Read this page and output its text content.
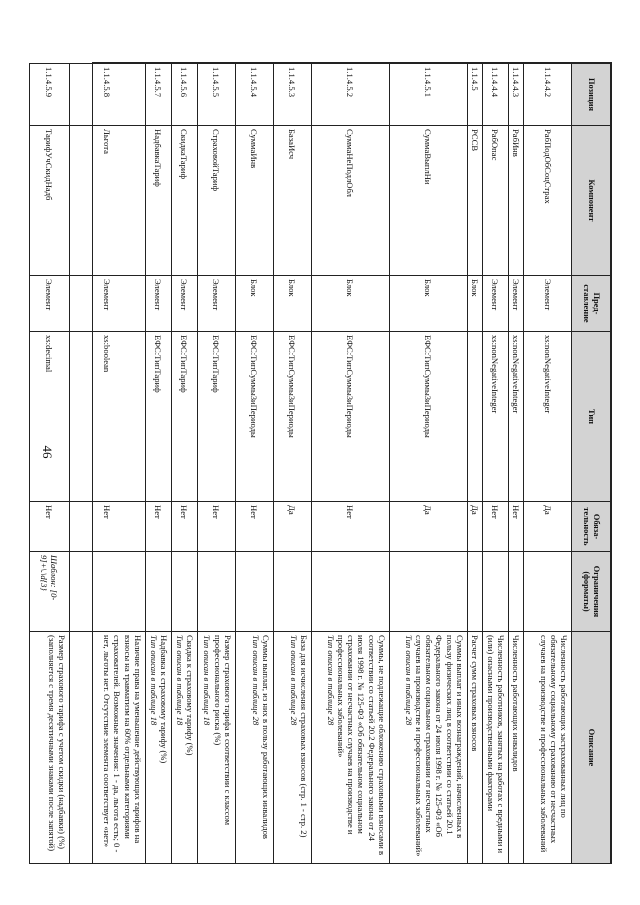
46
Позиция	Компонент	Пред-ставление	Тип	Обяза-тельность	Ограничения (форматы)	Описание
1.1.4.4.2	РабПодОбСоцСтрах	Элемент	xs:nonNegativeInteger	Да		Численность работающих застрахованных лиц по обязательному социальному страхованию от несчастных случаев на производстве и профессиональных заболеваний
1.1.4.4.3	РабИнв	Элемент	xs:nonNegativeInteger	Нет		Численность работающих инвалидов
1.1.4.4.4	РабОпас	Элемент	xs:nonNegativeInteger	Нет		Численность работников, занятых на работах с вредными и (или) опасными производственными факторами
1.1.4.5	РССВ	Блок		Да		Расчет сумм страховых взносов
1.1.4.5.1	СуммаВыплНи	Блок	ЕФС:ТипСуммы3иПериоды	Да		Суммы выплат и иных вознаграждений, начисленных в пользу физических лиц в соответствии со статьей 20.1 Федерального закона от 24 июля 1998 г. № 125-ФЗ «Об обязательном социальном страховании от несчастных случаев на производстве и профессиональных заболеваний»
Тип описан в таблице 28
1.1.4.5.2	СуммаНеПодлОбл	Блок	ЕФС:ТипСуммы3иПериоды	Нет		Суммы, не подлежащие обложению страховыми взносами в соответствии со статьей 20.2 Федерального закона от 24 июля 1998 г. № 125-ФЗ «Об обязательном социальном страховании от несчастных случаев на производстве и профессиональных заболеваний»
Тип описан в таблице 28
1.1.4.5.3	БазаИсч	Блок	ЕФС:ТипСуммы3иПериоды	Да		База для исчисления страховых взносов (стр. 1 - стр. 2)
Тип описан в таблице 28
1.1.4.5.4	СуммаИнв	Блок	ЕФС:ТипСуммы3иПериоды	Нет		Суммы выплат, из них в пользу работающих инвалидов
Тип описан в таблице 28
1.1.4.5.5	СтраховойТариф	Элемент	ЕФС:ТипТариф	Нет		Размер страхового тарифа в соответствии с классом профессионального риска (%)
Тип описан в таблице 18
1.1.4.5.6	СкидкаТариф	Элемент	ЕФС:ТипТариф	Нет		Скидка к страховому тарифу (%)
Тип описан в таблице 18
1.1.4.5.7	НадбавкаТариф	Элемент	ЕФС:ТипТариф	Нет		Надбавка к страховому тарифу (%)
Тип описан в таблице 18
1.1.4.5.8	Льгота	Элемент	xs:boolean	Нет		Наличие права на уменьшение действующих тарифов на взносы на травматизм на 60% отдельными категориями страхователей. Возможные значения: 1 - да, льгота есть; 0 - нет, льготы нет. Отсутствие элемента соответствует «нет»
1.1.4.5.9	ТарифУчСкидНадб	Элемент	xs:decimal	Нет	Шаблон: [0-9]+\.\d{3}	Размер страхового тарифа с учетом скидки (надбавки) (%) (заполняется с тремя десятичными знаками после запятой)
